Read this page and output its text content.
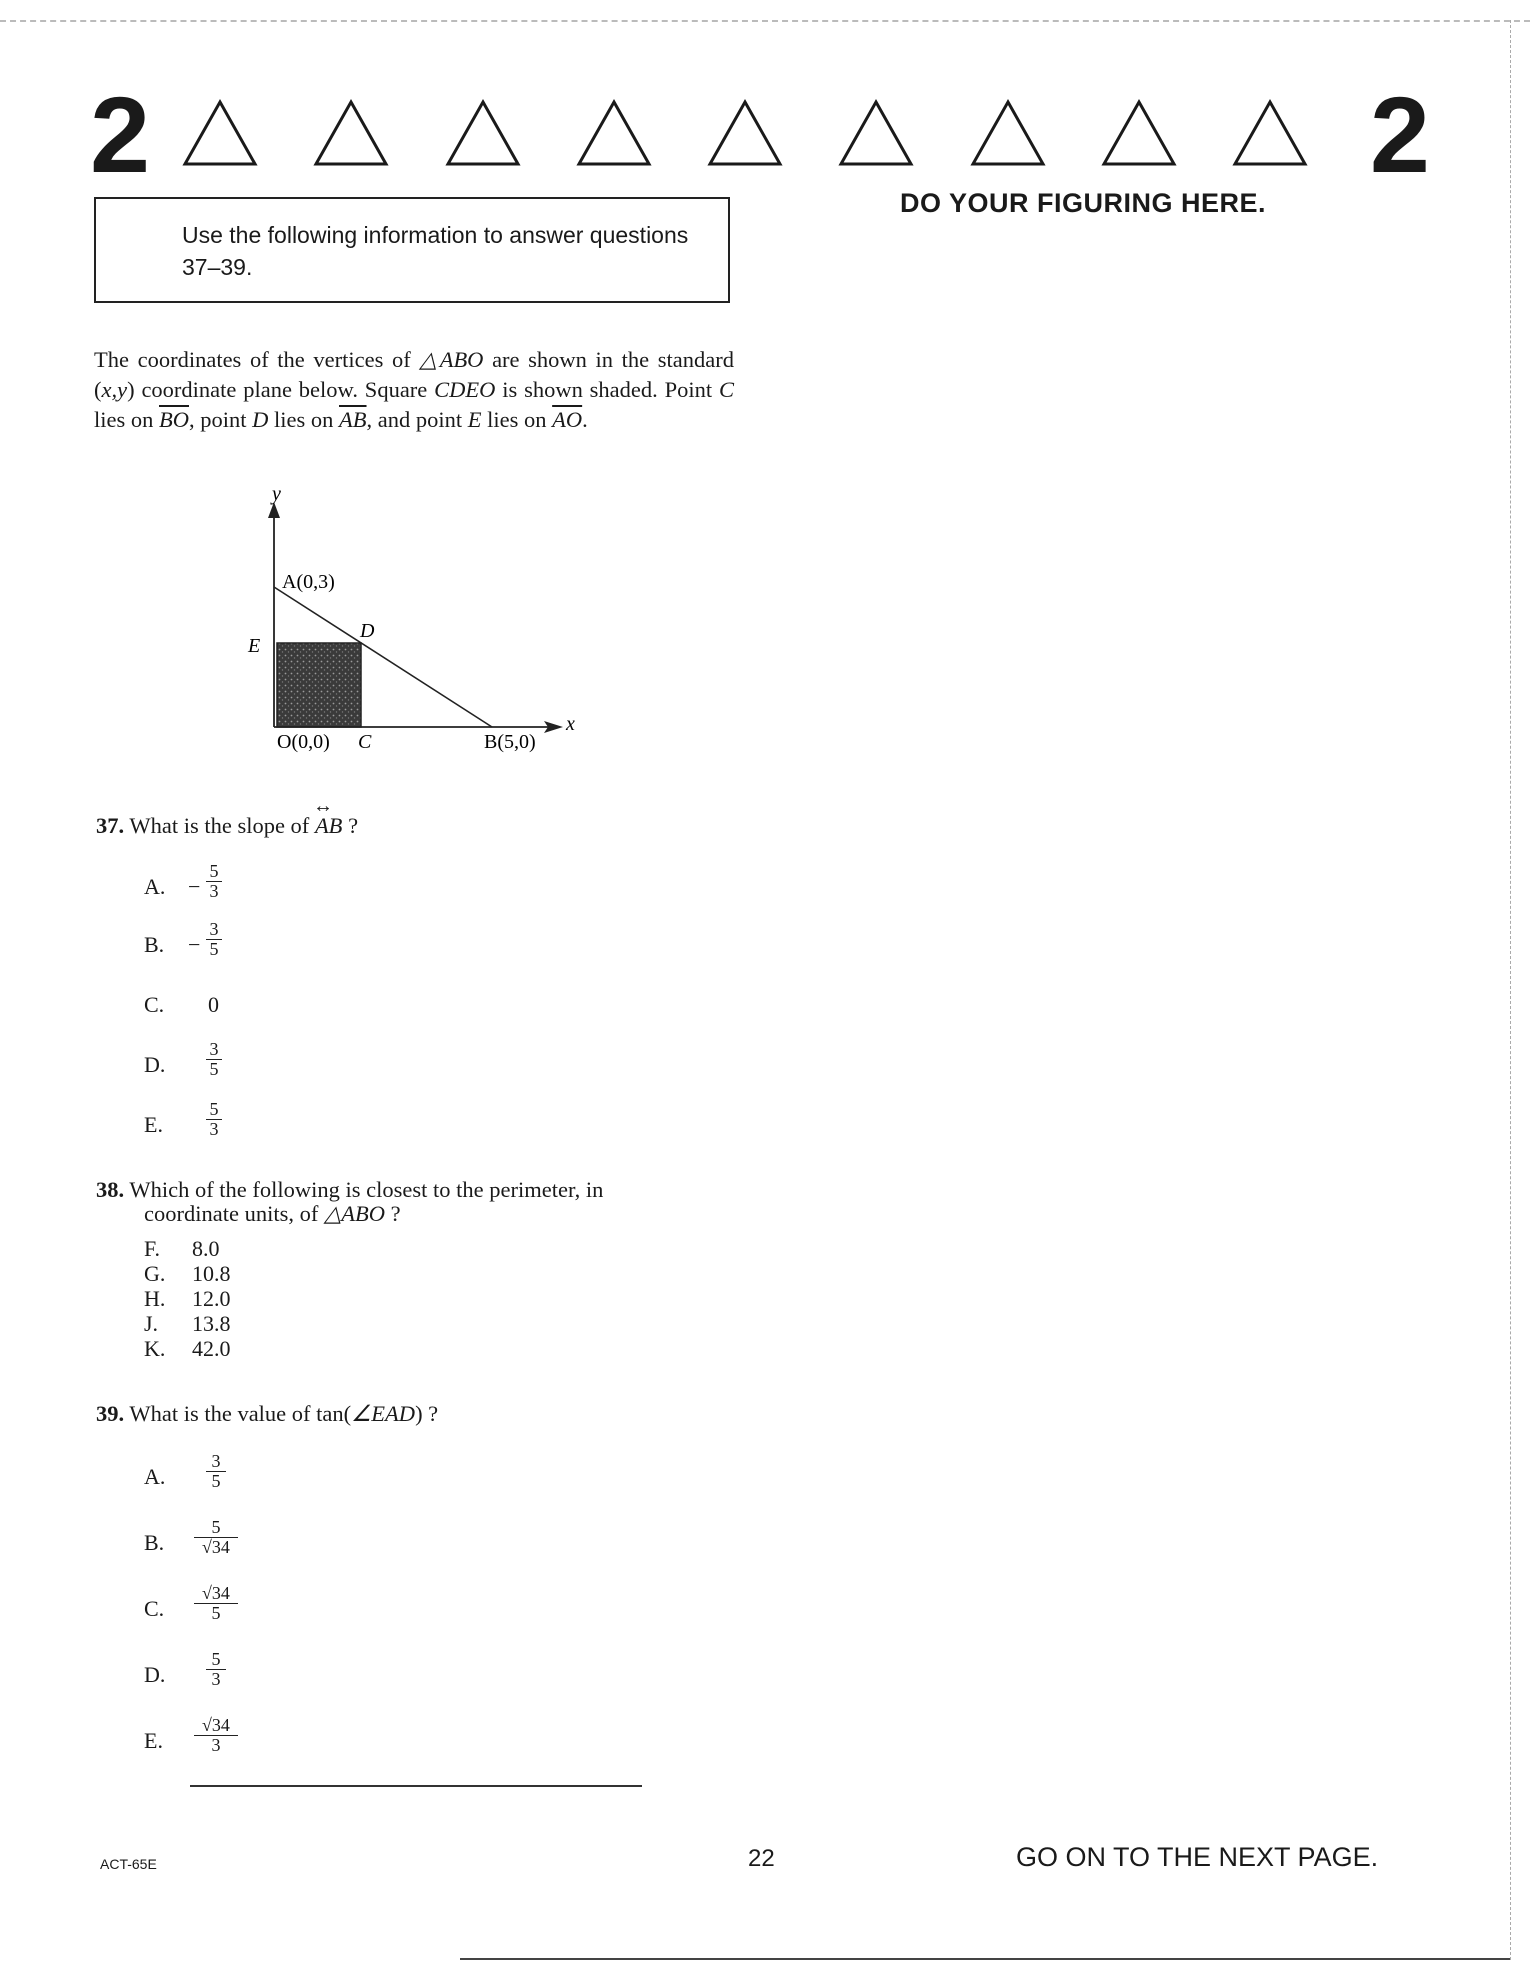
2	2
DO YOUR FIGURING HERE.
Use the following information to answer questions 37–39.
The coordinates of the vertices of △ABO are shown in the standard (x,y) coordinate plane below. Square CDEO is shown shaded. Point C lies on $\overline{BO}$, point D lies on $\overline{AB}$, and point E lies on $\overline{AO}$.
y
x
A(0,3)
D
E
O(0,0) C	B(5,0)
37. What is the slope of
↔
AB ?
A. −
5
3
B. −
3
5
C. 0
D.
3
5
E.
5
3
38. Which of the following is closest to the perimeter, in
coordinate units, of △ABO ?
F. 8.0
G. 10.8
H. 12.0
J. 13.8
K. 42.0
39. What is the value of tan(∠EAD) ?
A.
3
5
B.
5
√34
C.
√34
5
D.
5
3
E.
√34
3
ACT-65E	22	GO ON TO THE NEXT PAGE.
